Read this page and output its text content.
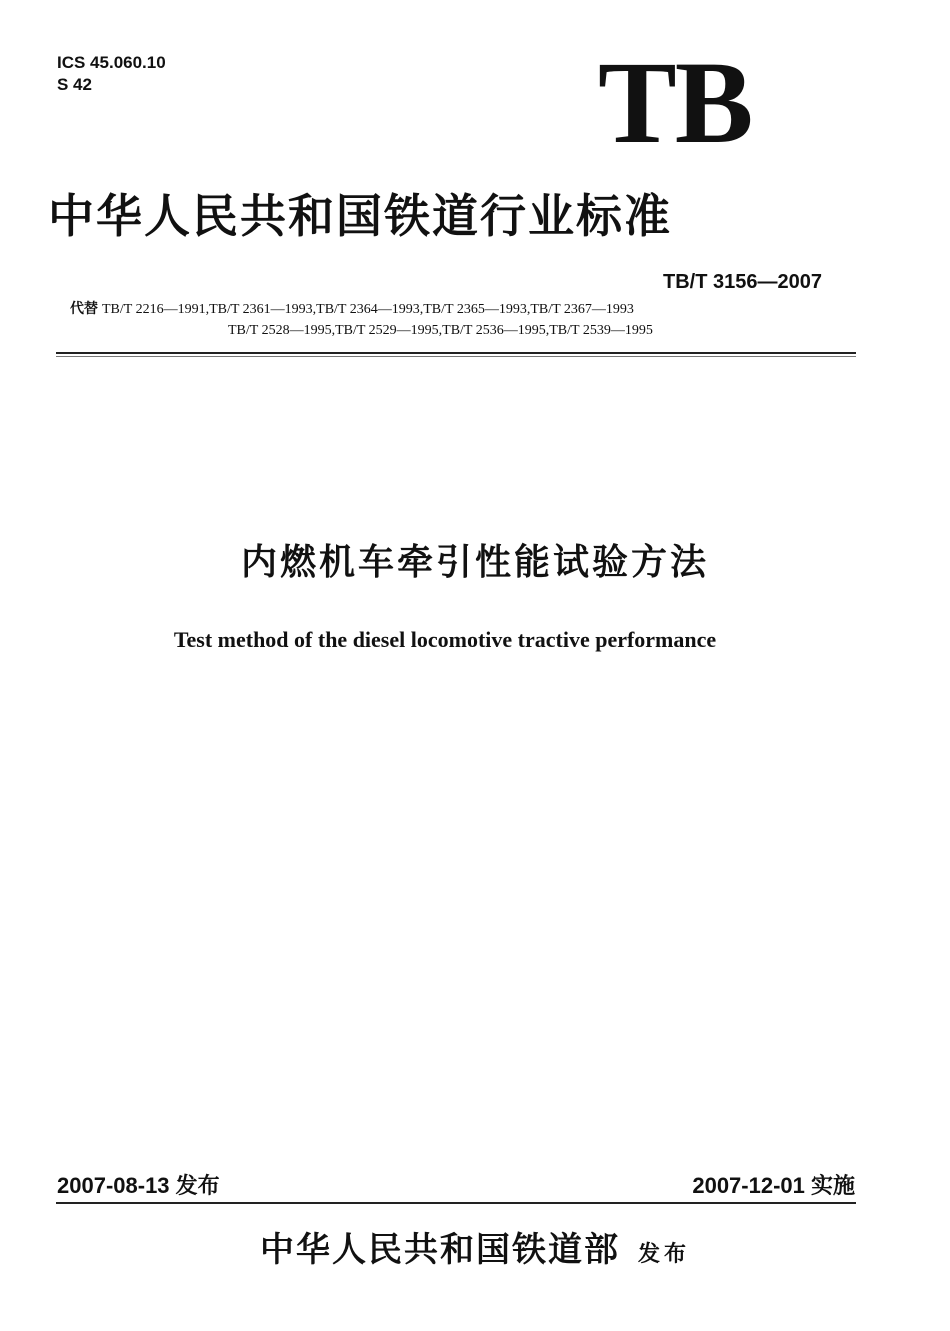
ICS 45.060.10
S 42	TB
中华人民共和国铁道行业标准
TB/T 3156—2007
代替 TB/T 2216—1991,TB/T 2361—1993,TB/T 2364—1993,TB/T 2365—1993,TB/T 2367—1993
TB/T 2528—1995,TB/T 2529—1995,TB/T 2536—1995,TB/T 2539—1995
内燃机车牵引性能试验方法
Test method of the diesel locomotive tractive performance
2007-08-13 发布	2007-12-01 实施
中华人民共和国铁道部 发布
